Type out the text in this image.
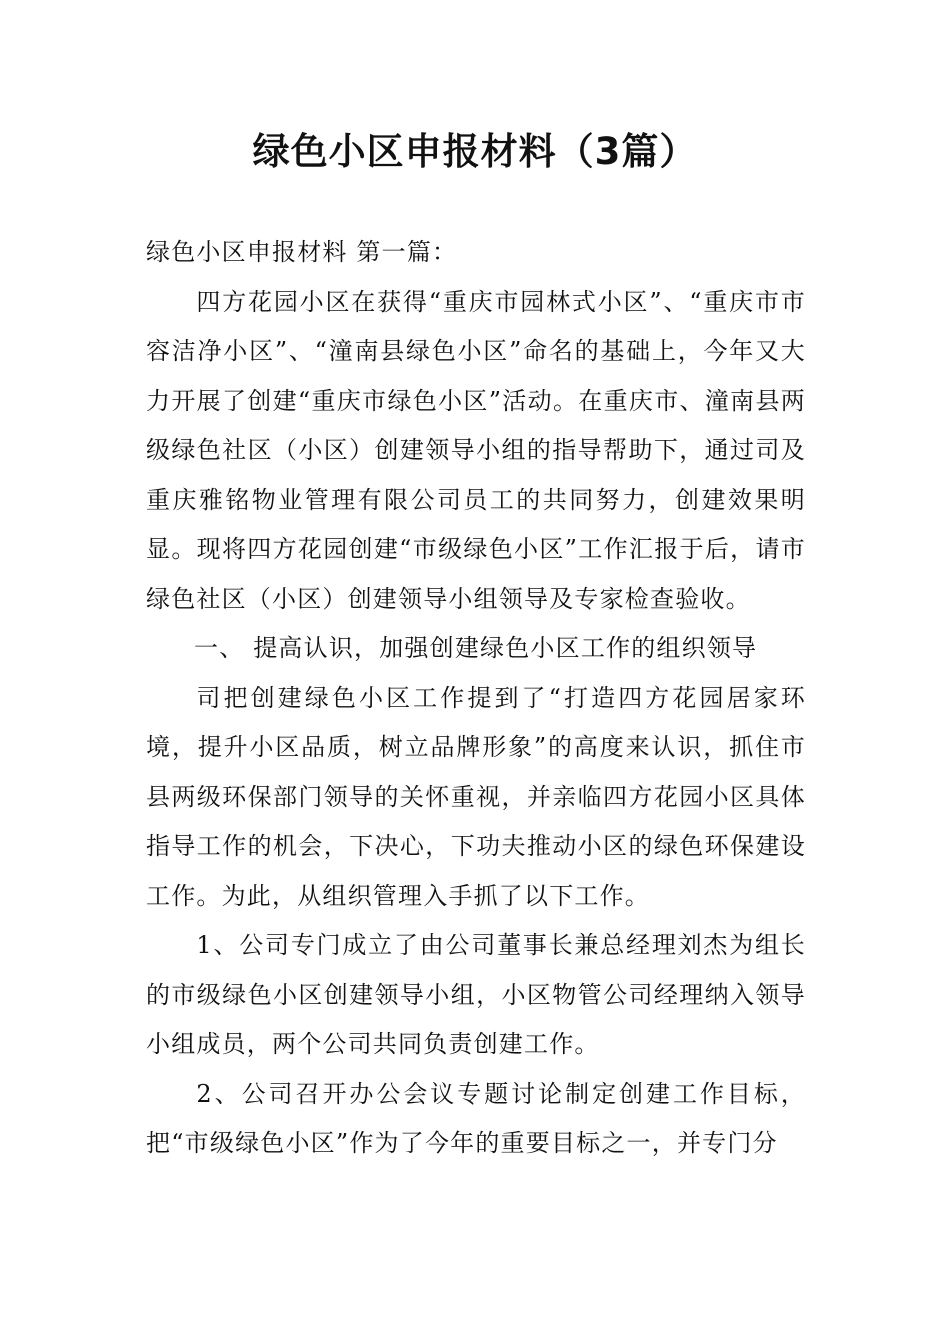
绿色小区申报材料（3篇）

绿色小区申报材料 第一篇：

四方花园小区在获得“重庆市园林式小区”、“重庆市市容洁净小区”、“潼南县绿色小区”命名的基础上，今年又大力开展了创建“重庆市绿色小区”活动。在重庆市、潼南县两级绿色社区（小区）创建领导小组的指导帮助下，通过司及重庆雅铭物业管理有限公司员工的共同努力，创建效果明显。现将四方花园创建“市级绿色小区”工作汇报于后，请市绿色社区（小区）创建领导小组领导及专家检查验收。

一、 提高认识，加强创建绿色小区工作的组织领导

司把创建绿色小区工作提到了“打造四方花园居家环境，提升小区品质，树立品牌形象”的高度来认识，抓住市县两级环保部门领导的关怀重视，并亲临四方花园小区具体指导工作的机会，下决心，下功夫推动小区的绿色环保建设工作。为此，从组织管理入手抓了以下工作。

1、公司专门成立了由公司董事长兼总经理刘杰为组长的市级绿色小区创建领导小组，小区物管公司经理纳入领导小组成员，两个公司共同负责创建工作。

2、公司召开办公会议专题讨论制定创建工作目标，把“市级绿色小区”作为了今年的重要目标之一，并专门分
